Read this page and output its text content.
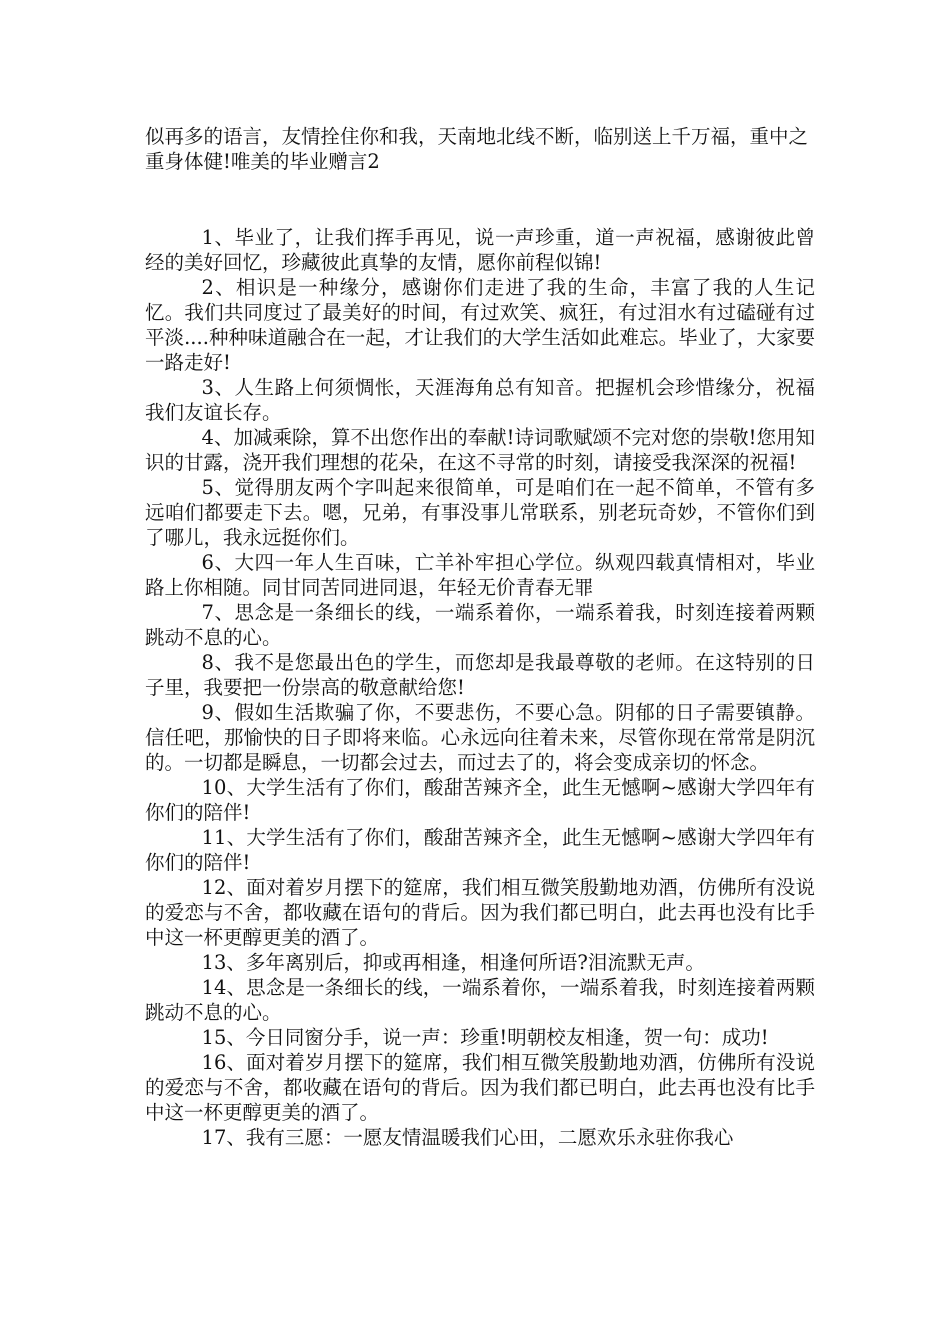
似再多的语言，友情拴住你和我，天南地北线不断，临别送上千万福，重中之重身体健!唯美的毕业赠言2

1、毕业了，让我们挥手再见，说一声珍重，道一声祝福，感谢彼此曾经的美好回忆，珍藏彼此真挚的友情，愿你前程似锦!

2、相识是一种缘分，感谢你们走进了我的生命，丰富了我的人生记忆。我们共同度过了最美好的时间，有过欢笑、疯狂，有过泪水有过磕碰有过平淡....种种味道融合在一起，才让我们的大学生活如此难忘。毕业了，大家要一路走好!

3、人生路上何须惆怅，天涯海角总有知音。把握机会珍惜缘分，祝福我们友谊长存。

4、加减乘除，算不出您作出的奉献!诗词歌赋颂不完对您的崇敬!您用知识的甘露，浇开我们理想的花朵，在这不寻常的时刻，请接受我深深的祝福!

5、觉得朋友两个字叫起来很简单，可是咱们在一起不简单，不管有多远咱们都要走下去。嗯，兄弟，有事没事儿常联系，别老玩奇妙，不管你们到了哪儿，我永远挺你们。

6、大四一年人生百味，亡羊补牢担心学位。纵观四载真情相对，毕业路上你相随。同甘同苦同进同退，年轻无价青春无罪

7、思念是一条细长的线，一端系着你，一端系着我，时刻连接着两颗跳动不息的心。

8、我不是您最出色的学生，而您却是我最尊敬的老师。在这特别的日子里，我要把一份崇高的敬意献给您!

9、假如生活欺骗了你，不要悲伤，不要心急。阴郁的日子需要镇静。信任吧，那愉快的日子即将来临。心永远向往着未来，尽管你现在常常是阴沉的。一切都是瞬息，一切都会过去，而过去了的，将会变成亲切的怀念。

10、大学生活有了你们，酸甜苦辣齐全，此生无憾啊~感谢大学四年有你们的陪伴!

11、大学生活有了你们，酸甜苦辣齐全，此生无憾啊~感谢大学四年有你们的陪伴!

12、面对着岁月摆下的筵席，我们相互微笑殷勤地劝酒，仿佛所有没说的爱恋与不舍，都收藏在语句的背后。因为我们都已明白，此去再也没有比手中这一杯更醇更美的酒了。

13、多年离别后，抑或再相逢，相逢何所语?泪流默无声。

14、思念是一条细长的线，一端系着你，一端系着我，时刻连接着两颗跳动不息的心。

15、今日同窗分手，说一声：珍重!明朝校友相逢，贺一句：成功!

16、面对着岁月摆下的筵席，我们相互微笑殷勤地劝酒，仿佛所有没说的爱恋与不舍，都收藏在语句的背后。因为我们都已明白，此去再也没有比手中这一杯更醇更美的酒了。

17、我有三愿：一愿友情温暖我们心田，二愿欢乐永驻你我心
